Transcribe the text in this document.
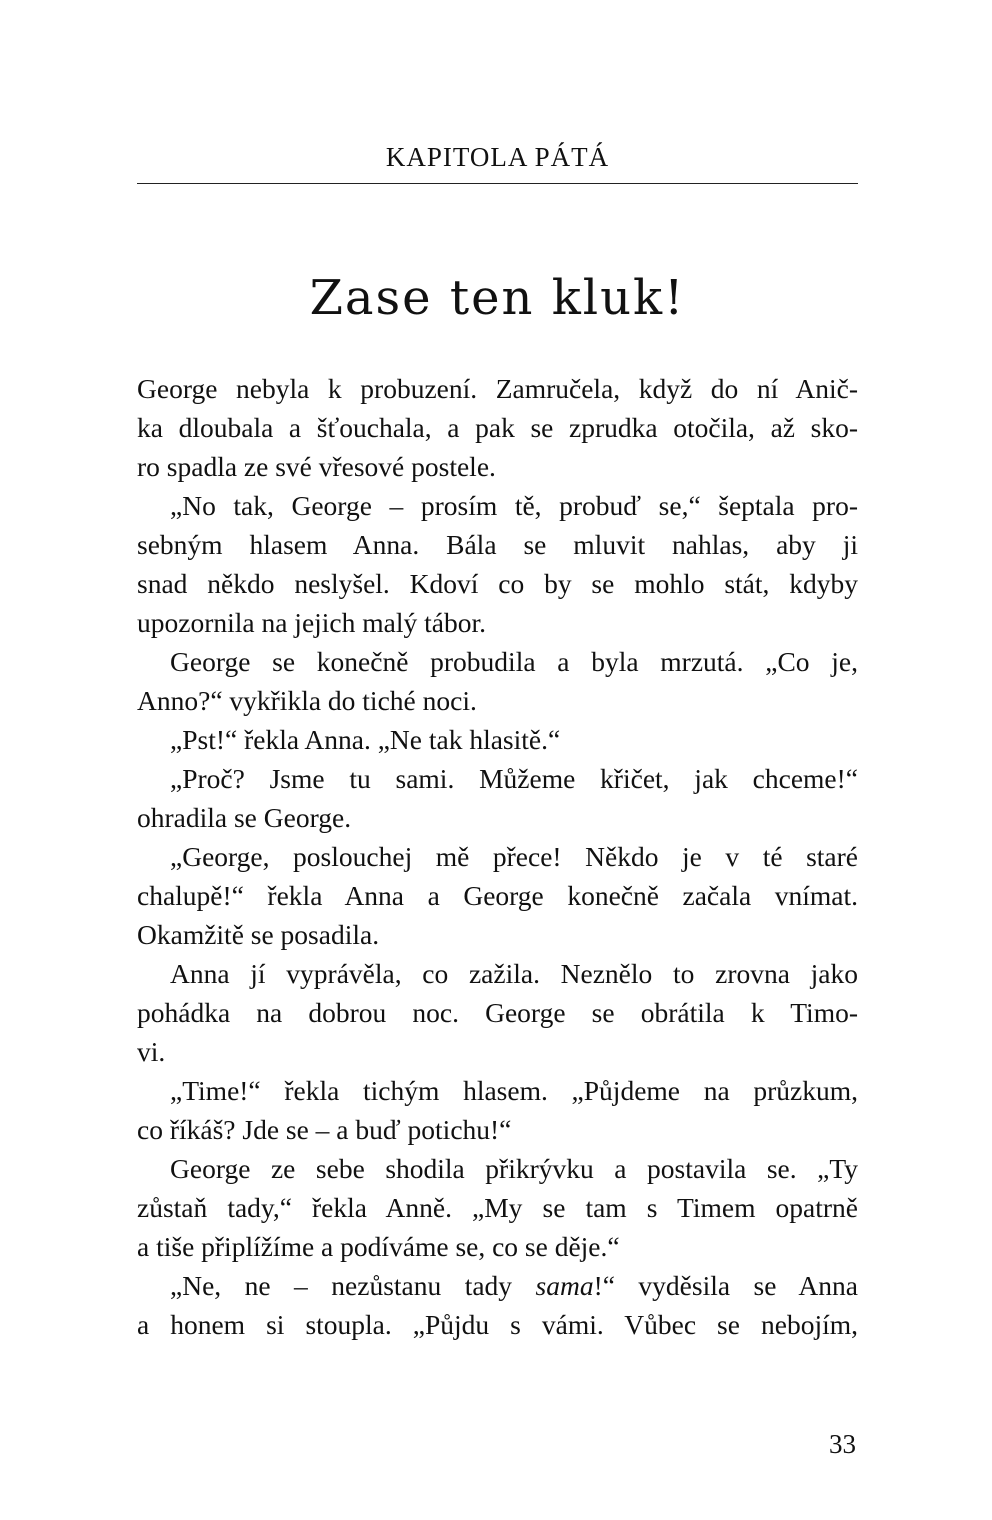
KAPITOLA PÁTÁ
Zase ten kluk!
George nebyla k probuzení. Zamručela, když do ní Anič-
ka dloubala a šťouchala, a pak se zprudka otočila, až sko-
ro spadla ze své vřesové postele.
„No tak, George – prosím tě, probuď se,“ šeptala pro-
sebným hlasem Anna. Bála se mluvit nahlas, aby ji
snad někdo neslyšel. Kdoví co by se mohlo stát, kdyby
upozornila na jejich malý tábor.
George se konečně probudila a byla mrzutá. „Co je,
Anno?“ vykřikla do tiché noci.
„Pst!“ řekla Anna. „Ne tak hlasitě.“
„Proč? Jsme tu sami. Můžeme křičet, jak chceme!“
ohradila se George.
„George, poslouchej mě přece! Někdo je v té staré
chalupě!“ řekla Anna a George konečně začala vnímat.
Okamžitě se posadila.
Anna jí vyprávěla, co zažila. Neznělo to zrovna jako
pohádka na dobrou noc. George se obrátila k Timo-
vi.
„Time!“ řekla tichým hlasem. „Půjdeme na průzkum,
co říkáš? Jde se – a buď potichu!“
George ze sebe shodila přikrývku a postavila se. „Ty
zůstaň tady,“ řekla Anně. „My se tam s Timem opatrně
a tiše připlížíme a podíváme se, co se děje.“
„Ne, ne – nezůstanu tady sama!“ vyděsila se Anna
a honem si stoupla. „Půjdu s vámi. Vůbec se nebojím,
33
